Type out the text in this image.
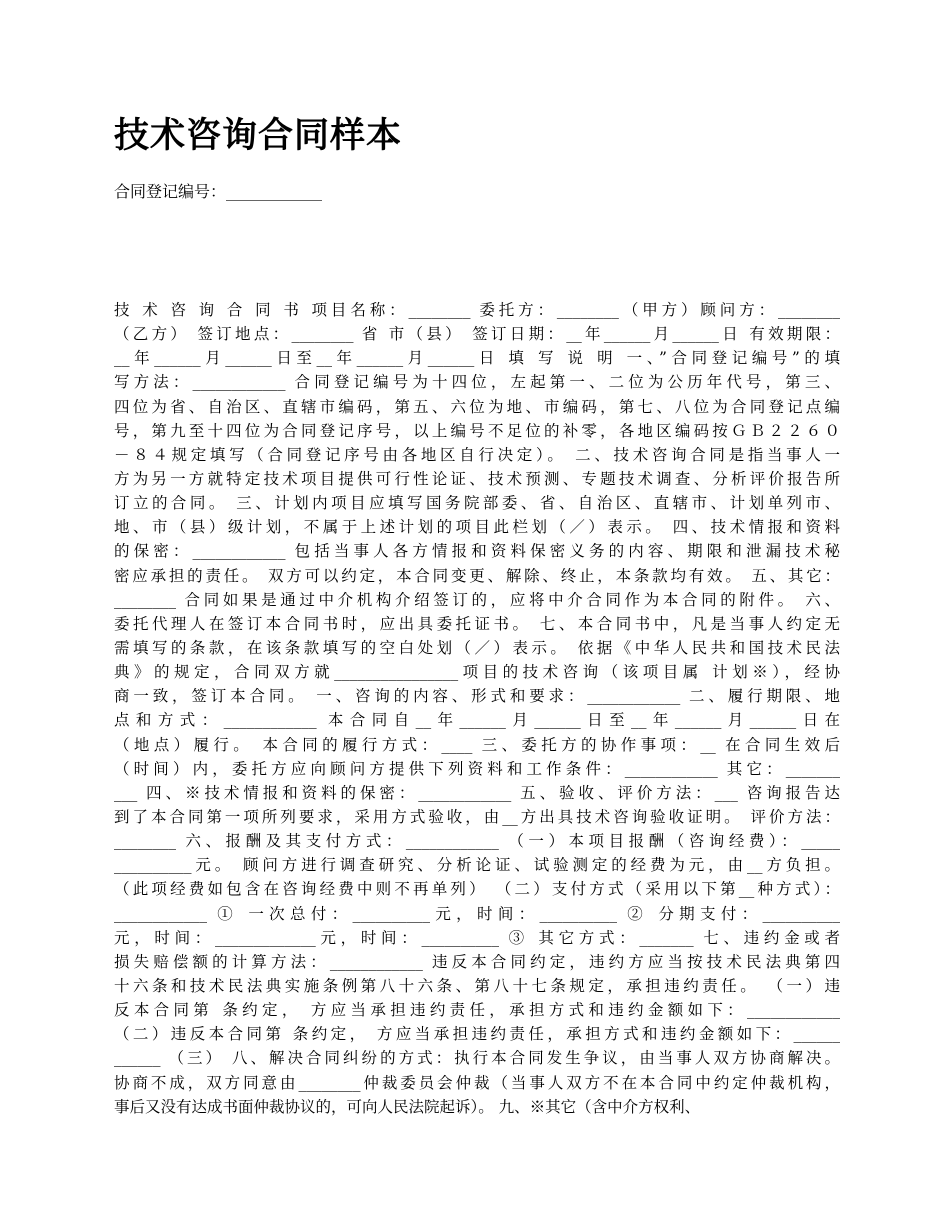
技术咨询合同样本
合同登记编号：____________
技 术 咨 询 合 同 书 项目名称：________ 委托方：________（甲方）顾问方：________
（乙方） 签订地点：________ 省 市（县） 签订日期：__年______月______日 有效期限：
__年______月______日至__年______月______日 填 写 说 明 一、”合同登记编号”的填
写方法：____________ 合同登记编号为十四位，左起第一、二位为公历年代号，第三、
四位为省、自治区、直辖市编码，第五、六位为地、市编码，第七、八位为合同登记点编
号，第九至十四位为合同登记序号，以上编号不足位的补零，各地区编码按ＧＢ２２６０
－８４规定填写（合同登记序号由各地区自行决定）。 二、技术咨询合同是指当事人一
方为另一方就特定技术项目提供可行性论证、技术预测、专题技术调查、分析评价报告所
订立的合同。 三、计划内项目应填写国务院部委、省、自治区、直辖市、计划单列市、
地、市（县）级计划，不属于上述计划的项目此栏划（／）表示。 四、技术情报和资料
的保密：____________ 包括当事人各方情报和资料保密义务的内容、期限和泄漏技术秘
密应承担的责任。 双方可以约定，本合同变更、解除、终止，本条款均有效。 五、其它：
________ 合同如果是通过中介机构介绍签订的，应将中介合同作为本合同的附件。 六、
委托代理人在签订本合同书时，应出具委托证书。 七、本合同书中，凡是当事人约定无
需填写的条款，在该条款填写的空白处划（／）表示。 依据《中华人民共和国技术民法
典》的规定，合同双方就________________项目的技术咨询（该项目属 计划※），经协
商一致，签订本合同。 一、咨询的内容、形式和要求：____________ 二、履行期限、地
点和方式：____________ 本合同自__年______月______日至__年______月______日在
（地点）履行。 本合同的履行方式：____ 三、委托方的协作事项：__ 在合同生效后
（时间）内，委托方应向顾问方提供下列资料和工作条件：____________ 其它：_______
___ 四、※技术情报和资料的保密：____________ 五、验收、评价方法：___ 咨询报告达
到了本合同第一项所列要求，采用方式验收，由__方出具技术咨询验收证明。 评价方法：
________ 六、报酬及其支付方式：____________ （一）本项目报酬（咨询经费）：_____
__________元。 顾问方进行调查研究、分析论证、试验测定的经费为元，由__方负担。
（此项经费如包含在咨询经费中则不再单列） （二）支付方式（采用以下第__种方式）：
____________ ① 一次总付：__________元，时间：__________ ② 分期支付：__________
元，时间：_____________元，时间：__________ ③ 其它方式：_______ 七、违约金或者
损失赔偿额的计算方法：____________ 违反本合同约定，违约方应当按技术民法典第四
十六条和技术民法典实施条例第八十六条、第八十七条规定，承担违约责任。 （一）违
反本合同第 条约定， 方应当承担违约责任，承担方式和违约金额如下：____________
（二）违反本合同第 条约定， 方应当承担违约责任，承担方式和违约金额如下：______
______ （三） 八、解决合同纠纷的方式：执行本合同发生争议，由当事人双方协商解决。
协商不成，双方同意由________仲裁委员会仲裁（当事人双方不在本合同中约定仲裁机构，
事后又没有达成书面仲裁协议的，可向人民法院起诉）。 九、※其它（含中介方权利、
